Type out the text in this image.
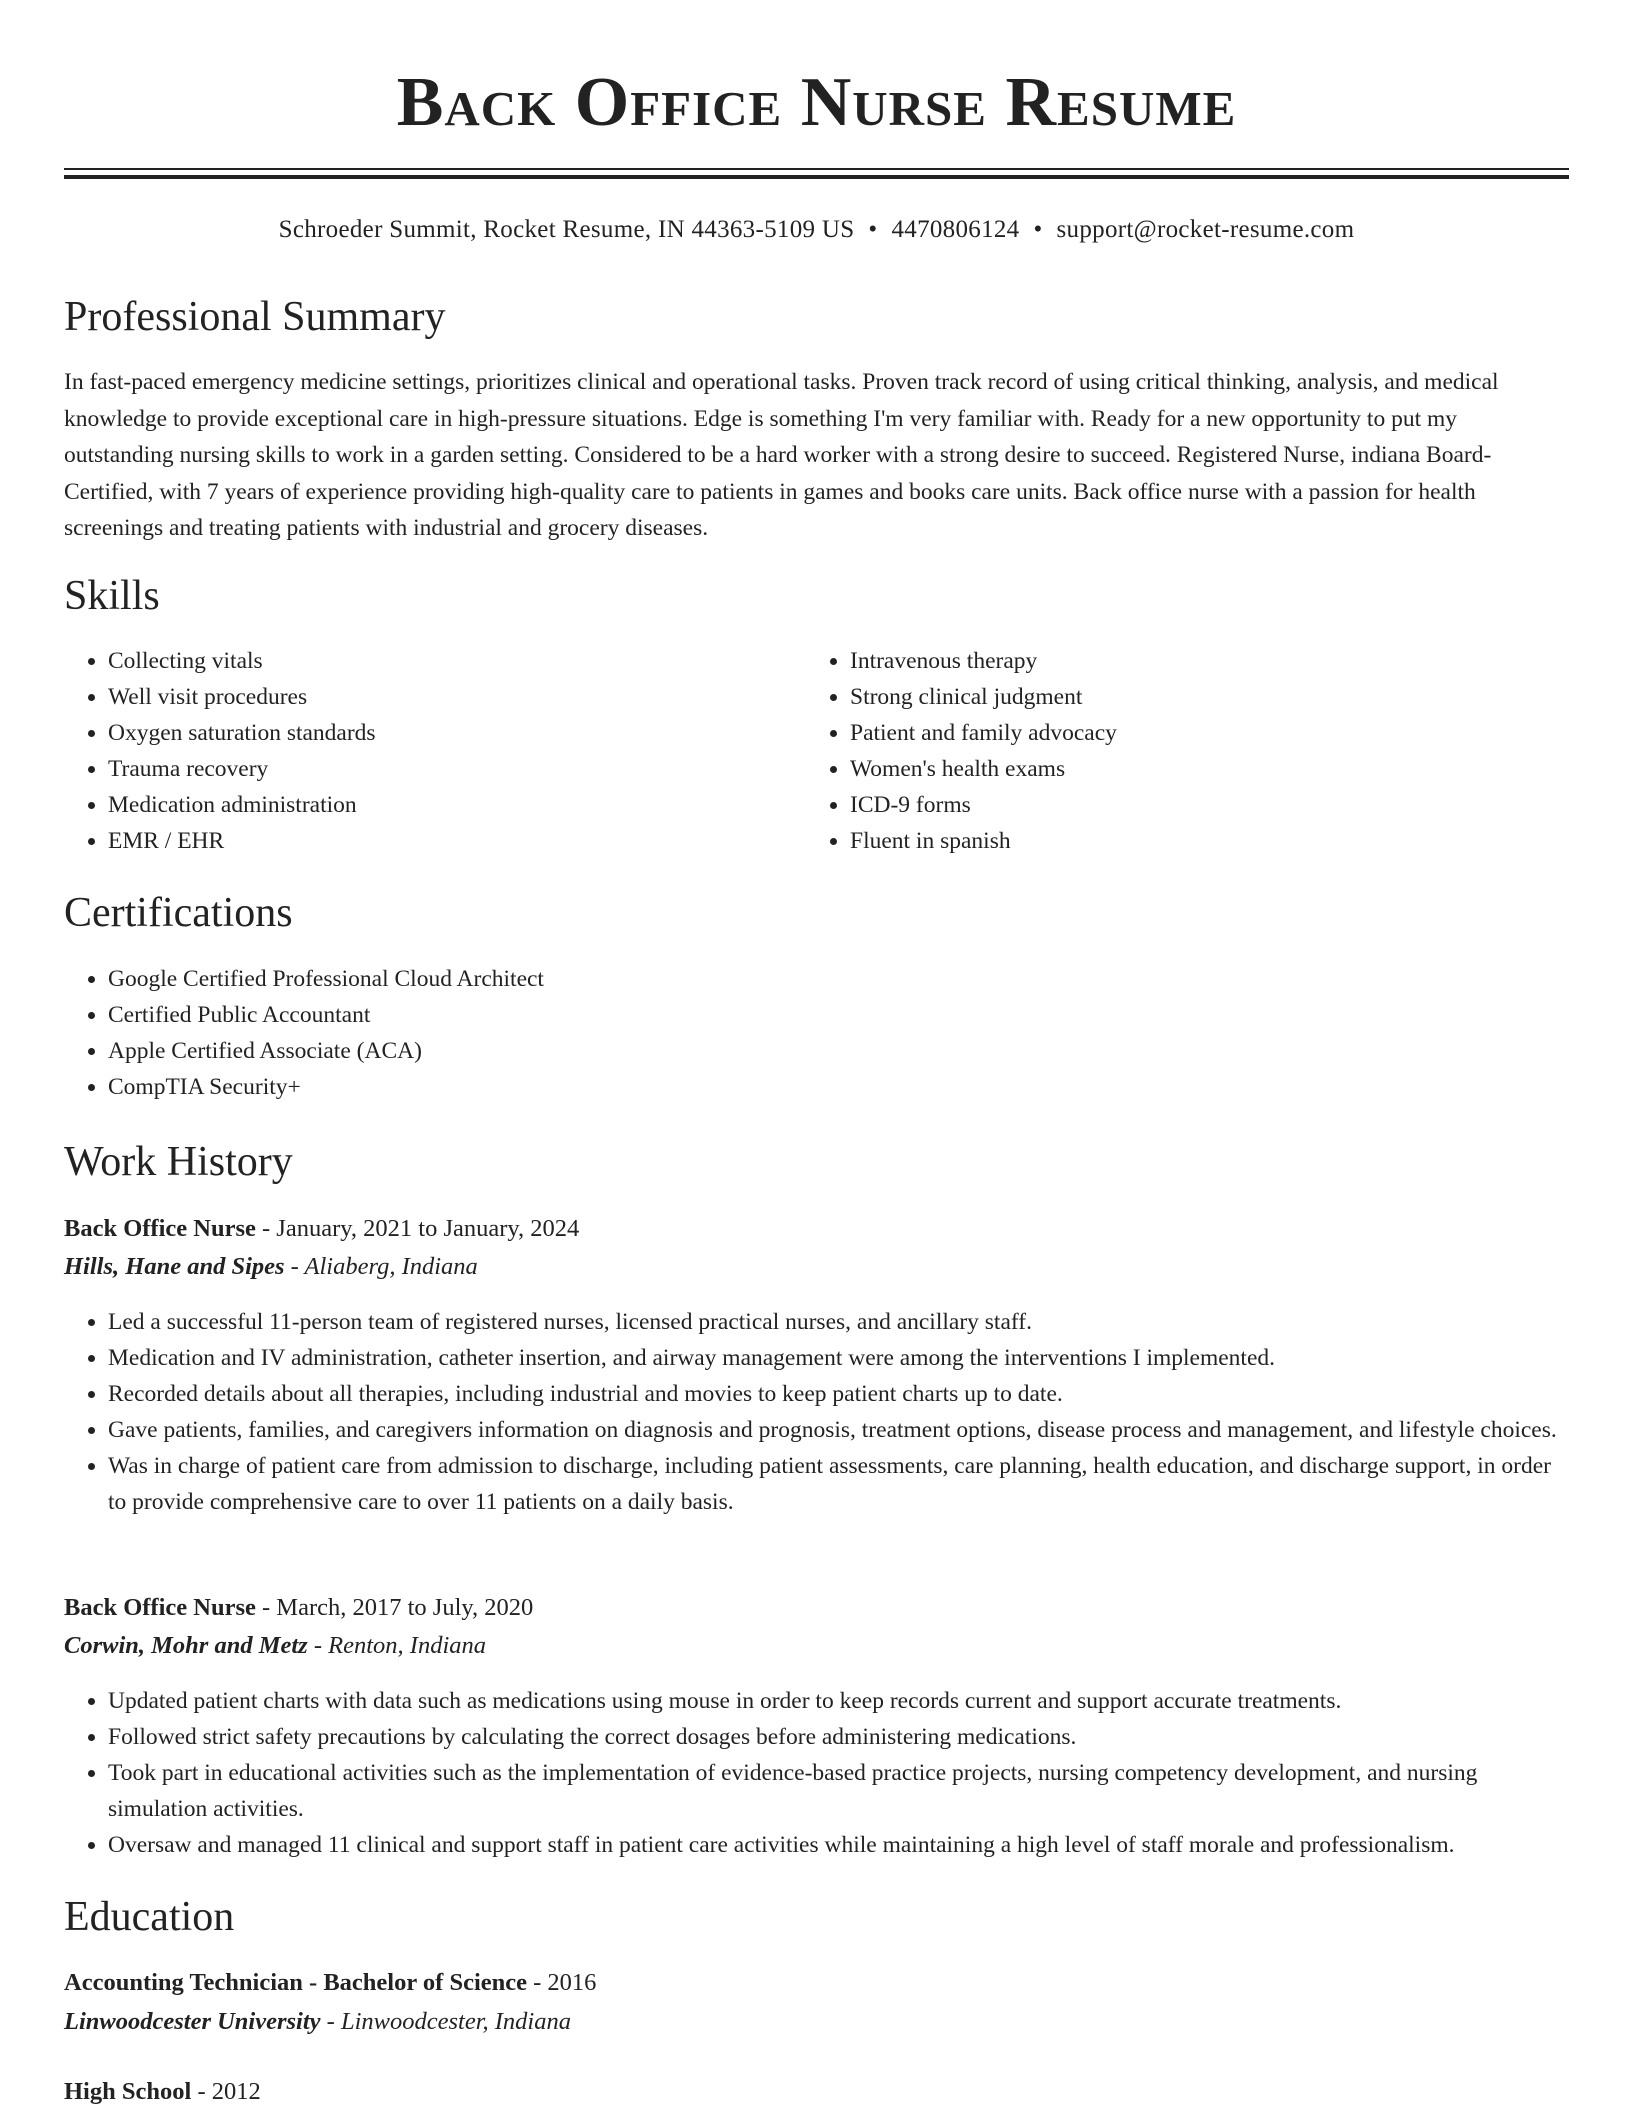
Back Office Nurse Resume
Schroeder Summit, Rocket Resume, IN 44363-5109 US • 4470806124 • support@rocket-resume.com
Professional Summary

In fast-paced emergency medicine settings, prioritizes clinical and operational tasks. Proven track record of using critical thinking, analysis, and medical knowledge to provide exceptional care in high-pressure situations. Edge is something I'm very familiar with. Ready for a new opportunity to put my outstanding nursing skills to work in a garden setting. Considered to be a hard worker with a strong desire to succeed. Registered Nurse, indiana Board-Certified, with 7 years of experience providing high-quality care to patients in games and books care units. Back office nurse with a passion for health screenings and treating patients with industrial and grocery diseases.

Skills
• Collecting vitals
• Well visit procedures
• Oxygen saturation standards
• Trauma recovery
• Medication administration
• EMR / EHR
• Intravenous therapy
• Strong clinical judgment
• Patient and family advocacy
• Women's health exams
• ICD-9 forms
• Fluent in spanish
Certifications
• Google Certified Professional Cloud Architect
• Certified Public Accountant
• Apple Certified Associate (ACA)
• CompTIA Security+
Work History
Back Office Nurse - January, 2021 to January, 2024
Hills, Hane and Sipes - Aliaberg, Indiana
• Led a successful 11-person team of registered nurses, licensed practical nurses, and ancillary staff.
• Medication and IV administration, catheter insertion, and airway management were among the interventions I implemented.
• Recorded details about all therapies, including industrial and movies to keep patient charts up to date.
• Gave patients, families, and caregivers information on diagnosis and prognosis, treatment options, disease process and management, and lifestyle choices.
• Was in charge of patient care from admission to discharge, including patient assessments, care planning, health education, and discharge support, in order to provide comprehensive care to over 11 patients on a daily basis.
Back Office Nurse - March, 2017 to July, 2020
Corwin, Mohr and Metz - Renton, Indiana
• Updated patient charts with data such as medications using mouse in order to keep records current and support accurate treatments.
• Followed strict safety precautions by calculating the correct dosages before administering medications.
• Took part in educational activities such as the implementation of evidence-based practice projects, nursing competency development, and nursing simulation activities.
• Oversaw and managed 11 clinical and support staff in patient care activities while maintaining a high level of staff morale and professionalism.
Education
Accounting Technician - Bachelor of Science - 2016
Linwoodcester University - Linwoodcester, Indiana
High School - 2012
